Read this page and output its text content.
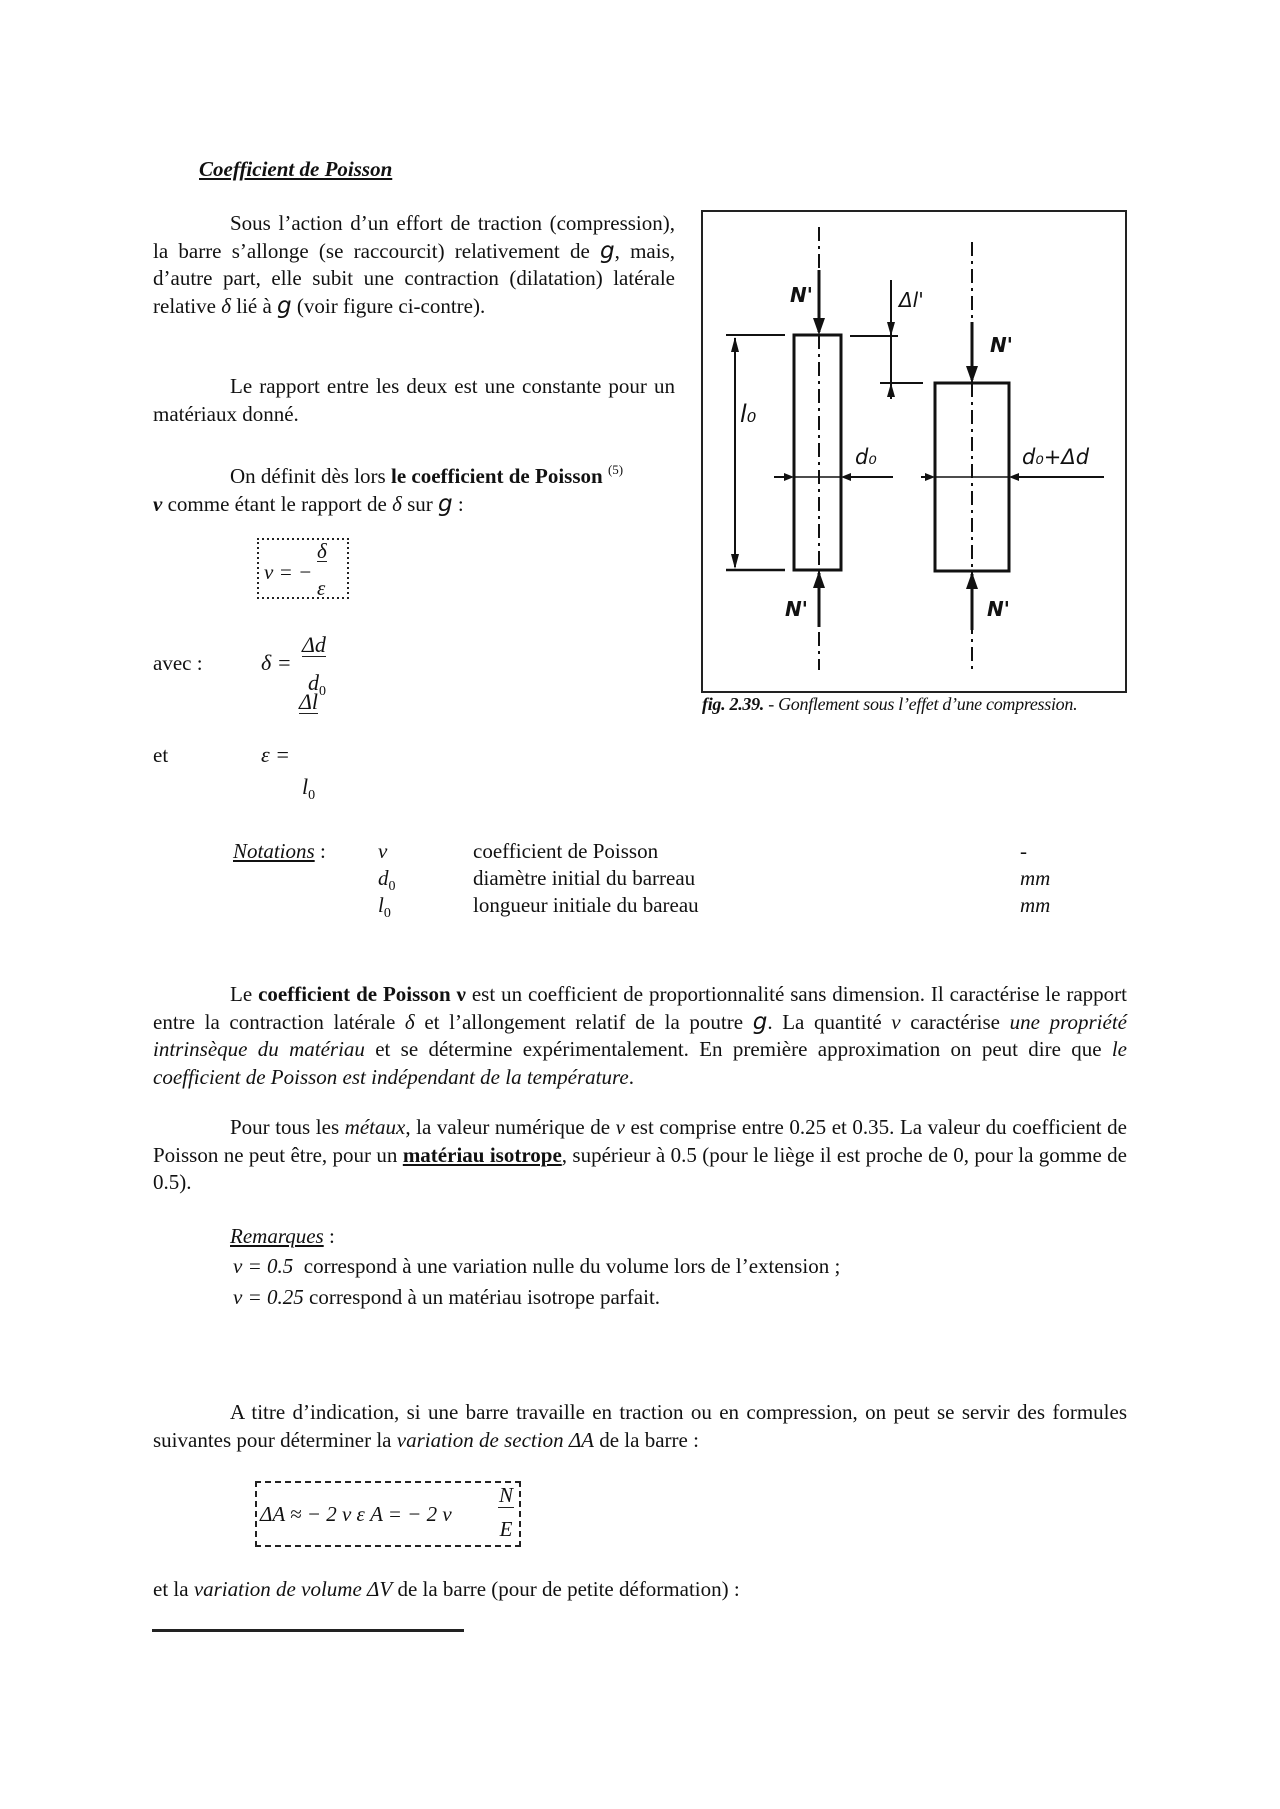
Coefficient de Poisson
Sous l’action d’un effort de traction (compression), la barre s’allonge (se raccourcit) relativement de g, mais, d’autre part, elle subit une contraction (dilatation) latérale relative δ lié à g (voir figure ci-contre).
Le rapport entre les deux est une constante pour un matériaux donné.
On définit dès lors le coefficient de Poisson $^{(5)}$
ν comme étant le rapport de δ sur g :
ν = −
δ
ε
avec :	δ =
Δd
$d_0$
Δl
et	ε =
$l_0$
N'
N'
N'
N'
Δl'
l₀
d₀	d₀+Δd
fig. 2.39. - Gonflement sous l’effet d’une compression.
Notations : ν	coefficient de Poisson	-
$d_0$	diamètre initial du barreau	mm
$l_0$	longueur initiale du bareau	mm
Le coefficient de Poisson ν est un coefficient de proportionnalité sans dimension. Il caractérise le rapport entre la contraction latérale δ et l’allongement relatif de la poutre g. La quantité ν caractérise une propriété intrinsèque du matériau et se détermine expérimentalement. En première approximation on peut dire que le coefficient de Poisson est indépendant de la température.
Pour tous les métaux, la valeur numérique de ν est comprise entre 0.25 et 0.35. La valeur du coefficient de Poisson ne peut être, pour un matériau isotrope, supérieur à 0.5 (pour le liège il est proche de 0, pour la gomme de 0.5).
Remarques :
ν = 0.5  correspond à une variation nulle du volume lors de l’extension ;
ν = 0.25 correspond à un matériau isotrope parfait.
A titre d’indication, si une barre travaille en traction ou en compression, on peut se servir des formules suivantes pour déterminer la variation de section ΔA de la barre :
ΔA ≈ − 2 ν ε A = − 2 ν
N
E
et la variation de volume ΔV de la barre (pour de petite déformation) :
